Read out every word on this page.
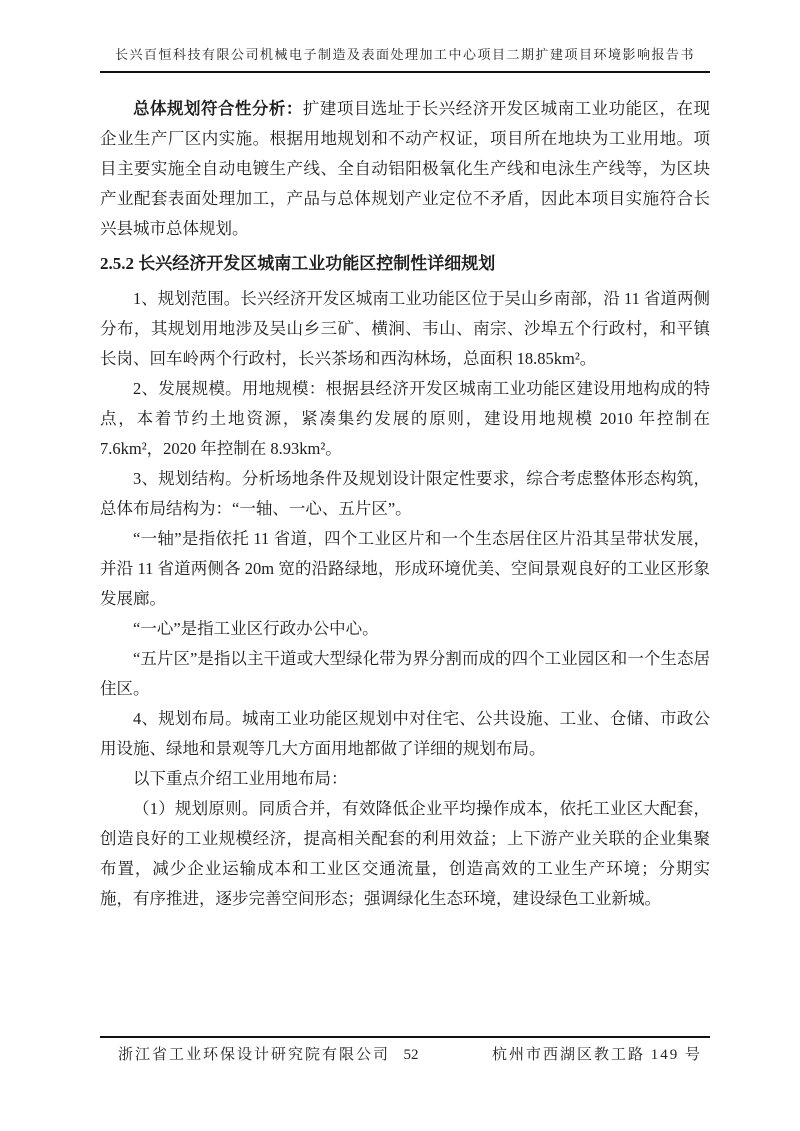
长兴百恒科技有限公司机械电子制造及表面处理加工中心项目二期扩建项目环境影响报告书

总体规划符合性分析：扩建项目选址于长兴经济开发区城南工业功能区，在现企业生产厂区内实施。根据用地规划和不动产权证，项目所在地块为工业用地。项目主要实施全自动电镀生产线、全自动铝阳极氧化生产线和电泳生产线等，为区块产业配套表面处理加工，产品与总体规划产业定位不矛盾，因此本项目实施符合长兴县城市总体规划。

2.5.2 长兴经济开发区城南工业功能区控制性详细规划

1、规划范围。长兴经济开发区城南工业功能区位于吴山乡南部，沿 11 省道两侧分布，其规划用地涉及吴山乡三矿、横涧、韦山、南宗、沙埠五个行政村，和平镇长岗、回车岭两个行政村，长兴茶场和西沟林场，总面积 18.85km²。

2、发展规模。用地规模：根据县经济开发区城南工业功能区建设用地构成的特点，本着节约土地资源，紧凑集约发展的原则，建设用地规模 2010 年控制在 7.6km²，2020 年控制在 8.93km²。

3、规划结构。分析场地条件及规划设计限定性要求，综合考虑整体形态构筑，总体布局结构为：“一轴、一心、五片区”。

“一轴”是指依托 11 省道，四个工业区片和一个生态居住区片沿其呈带状发展，并沿 11 省道两侧各 20m 宽的沿路绿地，形成环境优美、空间景观良好的工业区形象发展廊。

“一心”是指工业区行政办公中心。

“五片区”是指以主干道或大型绿化带为界分割而成的四个工业园区和一个生态居住区。

4、规划布局。城南工业功能区规划中对住宅、公共设施、工业、仓储、市政公用设施、绿地和景观等几大方面用地都做了详细的规划布局。

以下重点介绍工业用地布局：

（1）规划原则。同质合并，有效降低企业平均操作成本，依托工业区大配套，创造良好的工业规模经济，提高相关配套的利用效益；上下游产业关联的企业集聚布置，减少企业运输成本和工业区交通流量，创造高效的工业生产环境；分期实施，有序推进，逐步完善空间形态；强调绿化生态环境，建设绿色工业新城。

浙江省工业环保设计研究院有限公司 52	杭州市西湖区教工路 149 号
